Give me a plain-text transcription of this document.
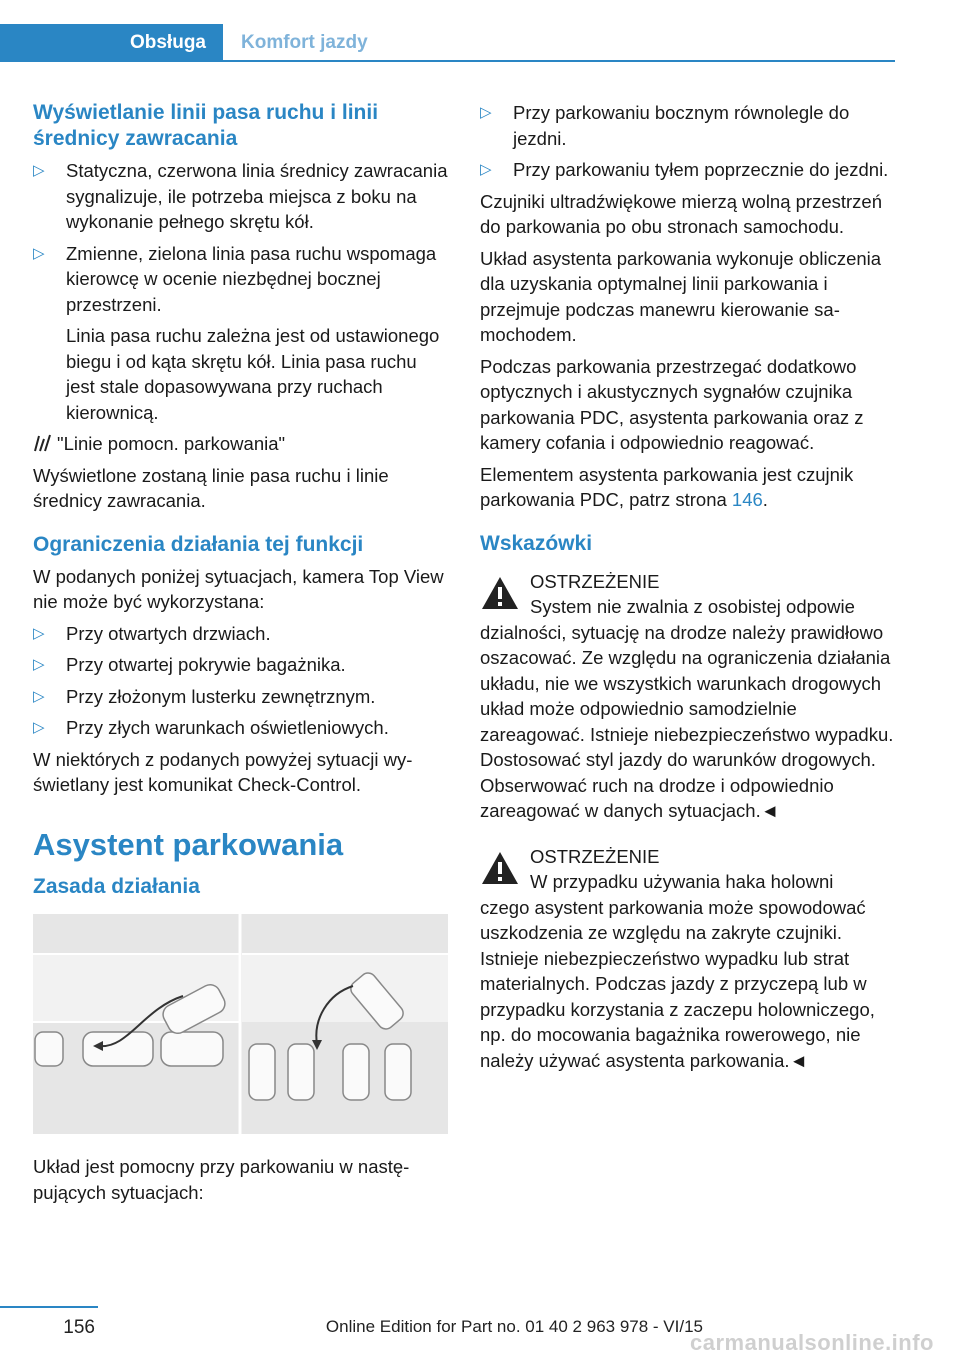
Obsługa	Komfort jazdy
Wyświetlanie linii pasa ruchu i linii średnicy zawracania
▷ Statyczna, czerwona linia średnicy zawracania sygnalizuje, ile potrzeba miejsca z boku na wykonanie pełnego skrętu kół.
▷ Zmienne, zielona linia pasa ruchu wspomaga kierowcę w ocenie niezbędnej bocznej przestrzeni.

Linia pasa ruchu zależna jest od ustawionego biegu i od kąta skrętu kół. Linia pasa ruchu jest stale dopasowywana przy ruchach kierownicą.

"Linie pomocn. parkowania"

Wyświetlone zostaną linie pasa ruchu i linie średnicy zawracania.

Ograniczenia działania tej funkcji

W podanych poniżej sytuacjach, kamera Top View nie może być wykorzystana:

▷ Przy otwartych drzwiach.
▷ Przy otwartej pokrywie bagażnika.
▷ Przy złożonym lusterku zewnętrznym.
▷ Przy złych warunkach oświetleniowych.

W niektórych z podanych powyżej sytuacji wyświetlany jest komunikat Check-Control.

Asystent parkowania
Zasada działania

Układ jest pomocny przy parkowaniu w następujących sytuacjach:

▷ Przy parkowaniu bocznym równolegle do jezdni.
▷ Przy parkowaniu tyłem poprzecznie do jezdni.

Czujniki ultradźwiękowe mierzą wolną przestrzeń do parkowania po obu stronach samochodu.

Układ asystenta parkowania wykonuje obliczenia dla uzyskania optymalnej linii parkowania i przejmuje podczas manewru kierowanie samochodem.

Podczas parkowania przestrzegać dodatkowo optycznych i akustycznych sygnałów czujnika parkowania PDC, asystenta parkowania oraz z kamery cofania i odpowiednio reagować.

Elementem asystenta parkowania jest czujnik parkowania PDC, patrz strona 146.

Wskazówki
OSTRZEŻENIE
System nie zwalnia z osobistej odpowie
dzialności, sytuację na drodze należy prawidłowo oszacować. Ze względu na ograniczenia działania układu, nie we wszystkich warunkach drogowych układ może odpowiednio samodzielnie zareagować. Istnieje niebezpieczeństwo wypadku. Dostosować styl jazdy do warunków drogowych. Obserwować ruch na drodze i odpowiednio zareagować w danych sytuacjach.◄
OSTRZEŻENIE
W przypadku używania haka holowni
czego asystent parkowania może spowodować uszkodzenia ze względu na zakryte czujniki. Istnieje niebezpieczeństwo wypadku lub strat materialnych. Podczas jazdy z przyczepą lub w przypadku korzystania z zaczepu holowniczego, np. do mocowania bagażnika rowerowego, nie należy używać asystenta parkowania.◄
156	Online Edition for Part no. 01 40 2 963 978 - VI/15
carmanualsonline.info
